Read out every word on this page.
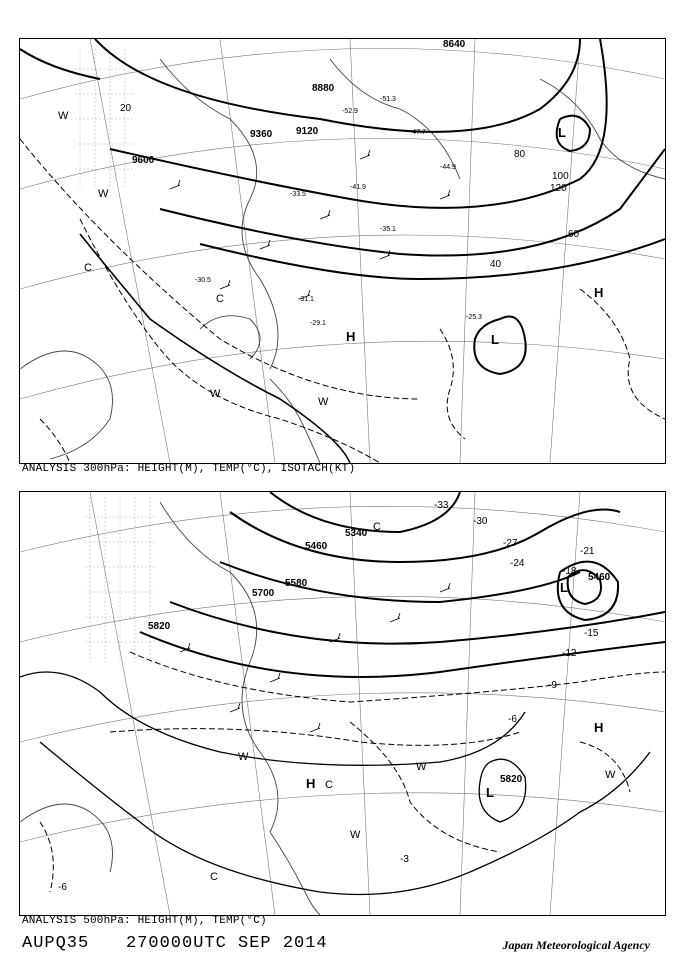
8640
8880
9120
9360
9600
20
40
60
80
100
120
-29.1
-30.5
-31.1
-33.5
-35.1
-41.9
-44.9
-47.7
-51.3
-52.9
-25.3
L
L
H
H
W
W
W
W
C
C
ANALYSIS 300hPa: HEIGHT(M), TEMP(°C), ISOTACH(KT)
5340
5460
5580
5700
5820
5820
5460
-33
-30
-27
-24
-21
-18
-15
-12
-9
-6
-3
-6
L
L
H
H
W
W
W
W
C
C
C
ANALYSIS 500hPa: HEIGHT(M), TEMP(°C)
AUPQ35 270000UTC SEP 2014	Japan Meteorological Agency
